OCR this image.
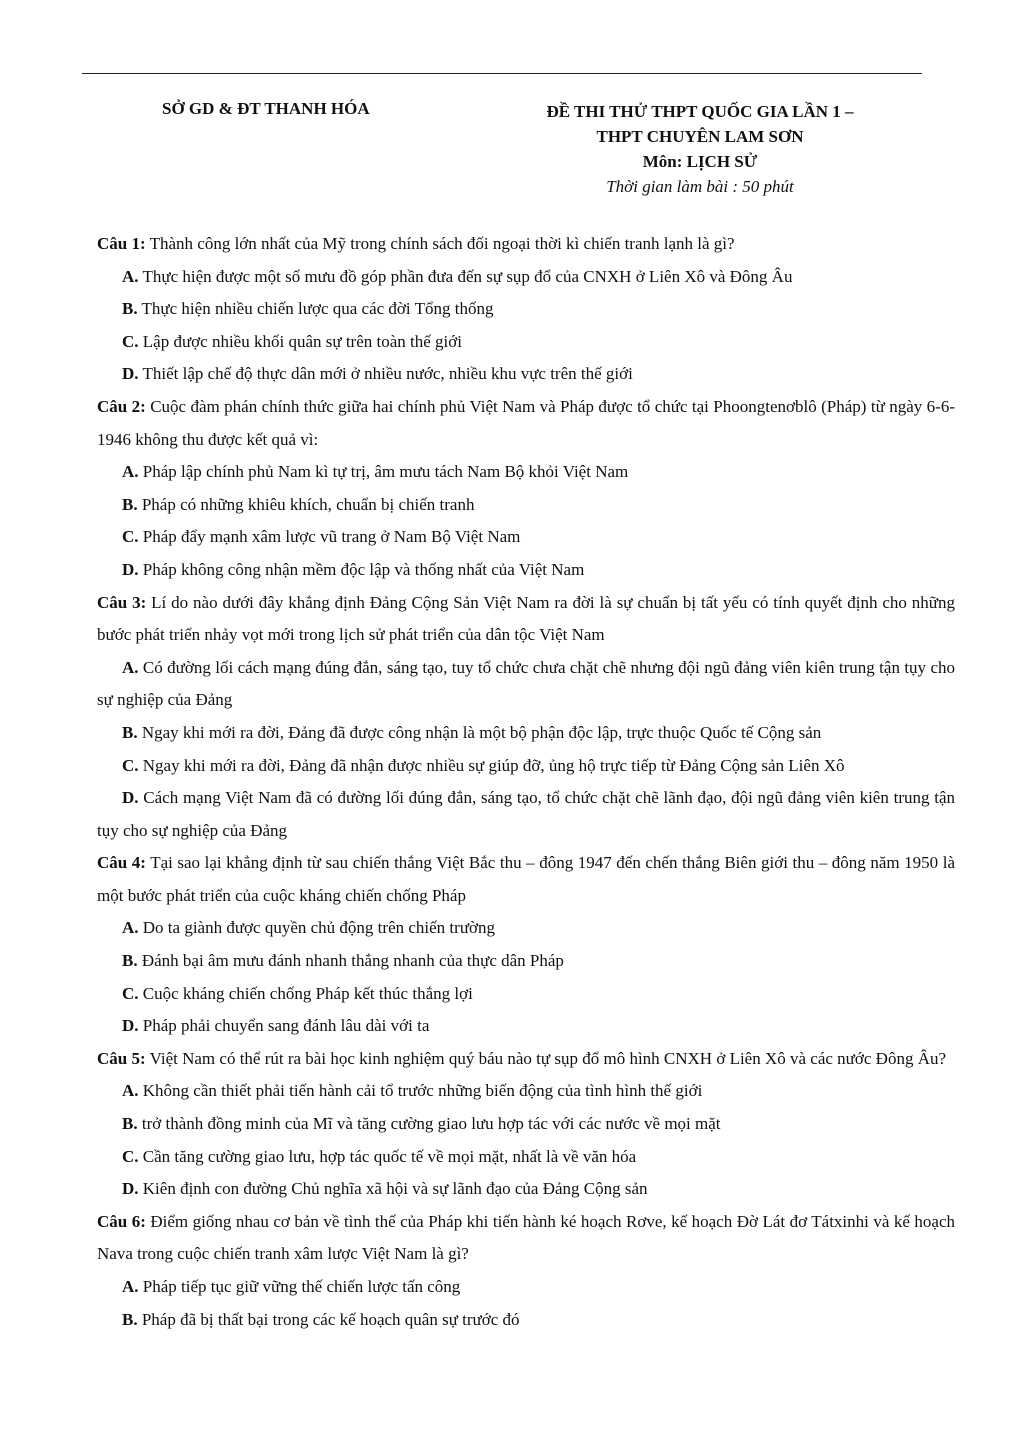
SỞ GD & ĐT THANH HÓA	ĐỀ THI THỬ THPT QUỐC GIA LẦN 1 –
THPT CHUYÊN LAM SƠN
Môn: LỊCH SỬ
Thời gian làm bài : 50 phút
Câu 1: Thành công lớn nhất của Mỹ trong chính sách đối ngoại thời kì chiến tranh lạnh là gì?
A. Thực hiện được một số mưu đồ góp phần đưa đến sự sụp đổ của CNXH ở Liên Xô và Đông Âu
B. Thực hiện nhiều chiến lược qua các đời Tổng thống
C. Lập được nhiều khối quân sự trên toàn thế giới
D. Thiết lập chế độ thực dân mới ở nhiều nước, nhiều khu vực trên thế giới
Câu 2: Cuộc đàm phán chính thức giữa hai chính phủ Việt Nam và Pháp được tổ chức tại Phoongtenơblô (Pháp) từ ngày 6-6-1946 không thu được kết quả vì:
A. Pháp lập chính phủ Nam kì tự trị, âm mưu tách Nam Bộ khỏi Việt Nam
B. Pháp có những khiêu khích, chuẩn bị chiến tranh
C. Pháp đẩy mạnh xâm lược vũ trang ở Nam Bộ Việt Nam
D. Pháp không công nhận mềm độc lập và thống nhất của Việt Nam
Câu 3: Lí do nào dưới đây khẳng định Đảng Cộng Sản Việt Nam ra đời là sự chuẩn bị tất yếu có tính quyết định cho những bước phát triển nhảy vọt mới trong lịch sử phát triển của dân tộc Việt Nam
A. Có đường lối cách mạng đúng đắn, sáng tạo, tuy tổ chức chưa chặt chẽ nhưng đội ngũ đảng viên kiên trung tận tụy cho sự nghiệp của Đảng
B. Ngay khi mới ra đời, Đảng đã được công nhận là một bộ phận độc lập, trực thuộc Quốc tế Cộng sản
C. Ngay khi mới ra đời, Đảng đã nhận được nhiều sự giúp đỡ, ủng hộ trực tiếp từ Đảng Cộng sản Liên Xô
D. Cách mạng Việt Nam đã có đường lối đúng đắn, sáng tạo, tổ chức chặt chẽ lãnh đạo, đội ngũ đảng viên kiên trung tận tụy cho sự nghiệp của Đảng
Câu 4: Tại sao lại khẳng định từ sau chiến thắng Việt Bắc thu – đông 1947 đến chến thắng Biên giới thu – đông năm 1950 là một bước phát triển của cuộc kháng chiến chống Pháp
A. Do ta giành được quyền chủ động trên chiến trường
B. Đánh bại âm mưu đánh nhanh thắng nhanh của thực dân Pháp
C. Cuộc kháng chiến chống Pháp kết thúc thắng lợi
D. Pháp phải chuyển sang đánh lâu dài với ta
Câu 5: Việt Nam có thể rút ra bài học kinh nghiệm quý báu nào tự sụp đổ mô hình CNXH ở Liên Xô và các nước Đông Âu?
A. Không cần thiết phải tiến hành cải tổ trước những biến động của tình hình thế giới
B. trở thành đồng minh của Mĩ và tăng cường giao lưu hợp tác với các nước về mọi mặt
C. Cần tăng cường giao lưu, hợp tác quốc tế về mọi mặt, nhất là về văn hóa
D. Kiên định con đường Chủ nghĩa xã hội và sự lãnh đạo của Đảng Cộng sản
Câu 6: Điểm giống nhau cơ bản về tình thế của Pháp khi tiến hành ké hoạch Rơve, kế hoạch Đờ Lát đơ Tátxinhi và kế hoạch Nava trong cuộc chiến tranh xâm lược Việt Nam là gì?
A. Pháp tiếp tục giữ vững thế chiến lược tấn công
B. Pháp đã bị thất bại trong các kế hoạch quân sự trước đó
